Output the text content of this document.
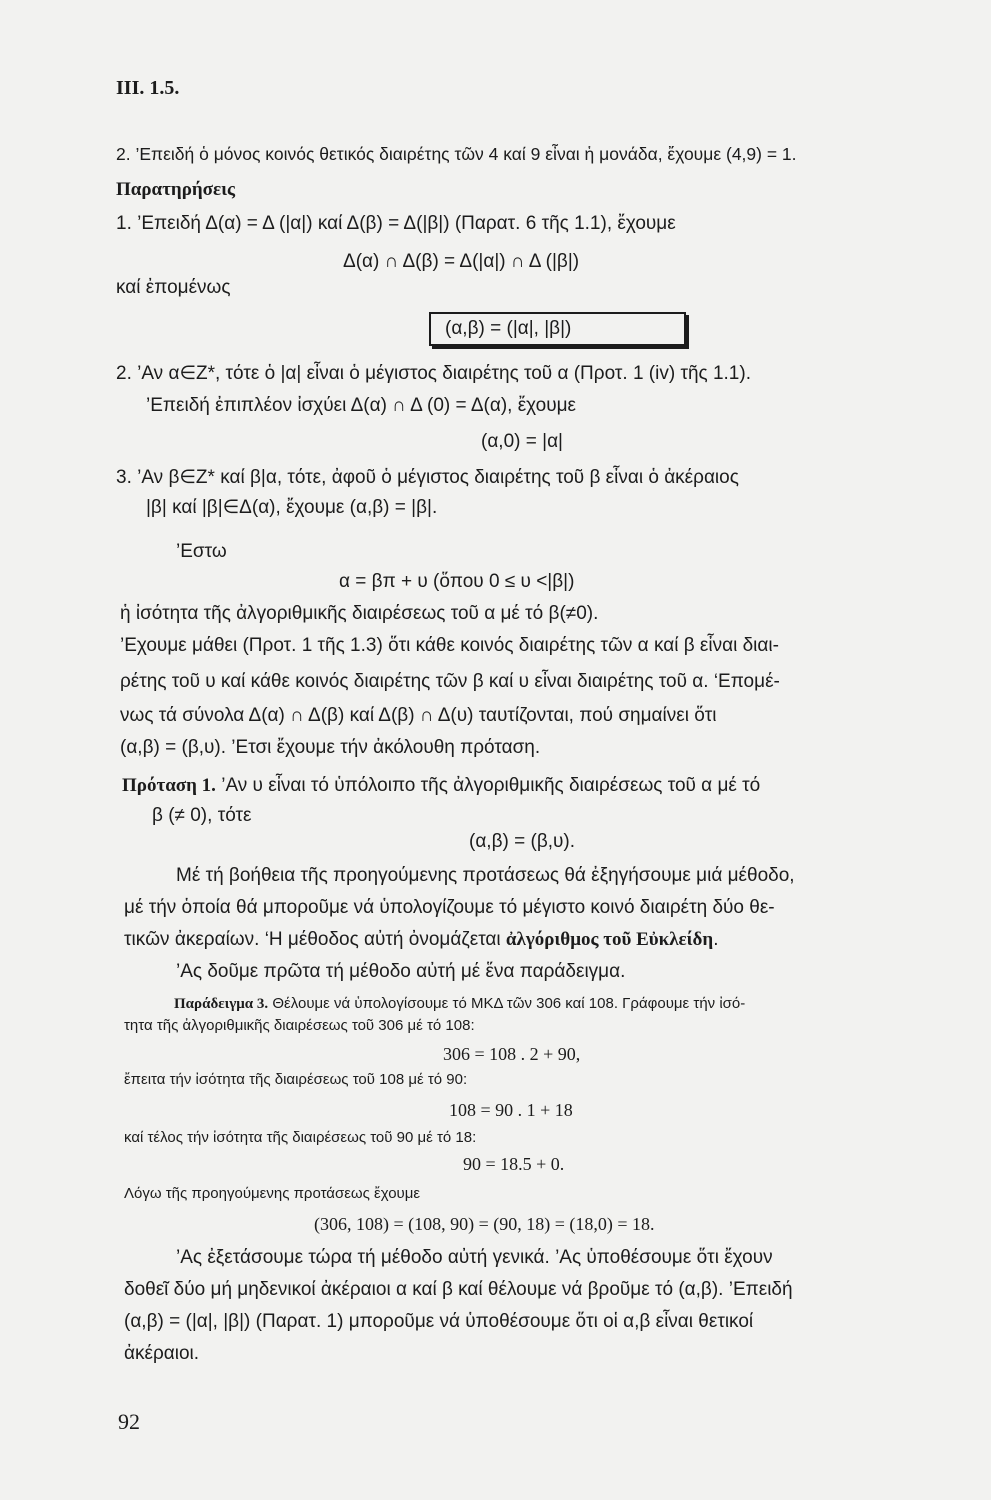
III. 1.5.
2. ’Επειδή ὁ μόνος κοινός θετικός διαιρέτης τῶν 4 καί 9 εἶναι ἡ μονάδα, ἔχουμε (4,9) = 1.
Παρατηρήσεις
1. ’Επειδή Δ(α) = Δ (|α|) καί Δ(β) = Δ(|β|) (Παρατ. 6 τῆς 1.1), ἔχουμε
Δ(α) ∩ Δ(β) = Δ(|α|) ∩ Δ (|β|)
καί ἐπομένως
(α,β) = (|α|, |β|)
2. ’Αν α∈Z*, τότε ὁ |α| εἶναι ὁ μέγιστος διαιρέτης τοῦ α (Προτ. 1 (iv) τῆς 1.1).
’Επειδή ἐπιπλέον ἰσχύει Δ(α) ∩ Δ (0) = Δ(α), ἔχουμε
(α,0) = |α|
3. ’Αν β∈Z* καί β|α, τότε, ἀφοῦ ὁ μέγιστος διαιρέτης τοῦ β εἶναι ὁ ἀκέραιος
|β| καί |β|∈Δ(α), ἔχουμε (α,β) = |β|.
’Εστω
α = βπ + υ (ὅπου 0 ≤ υ <|β|)
ἡ ἰσότητα τῆς ἀλγοριθμικῆς διαιρέσεως τοῦ α μέ τό β(≠0).
’Εχουμε μάθει (Προτ. 1 τῆς 1.3) ὅτι κάθε κοινός διαιρέτης τῶν α καί β εἶναι διαι-
ρέτης τοῦ υ καί κάθε κοινός διαιρέτης τῶν β καί υ εἶναι διαιρέτης τοῦ α. ‘Επομέ-
νως τά σύνολα Δ(α) ∩ Δ(β) καί Δ(β) ∩ Δ(υ) ταυτίζονται, πού σημαίνει ὅτι
(α,β) = (β,υ). ’Ετσι ἔχουμε τήν ἀκόλουθη πρόταση.
Πρόταση 1. ’Αν υ εἶναι τό ὑπόλοιπο τῆς ἀλγοριθμικῆς διαιρέσεως τοῦ α μέ τό
β (≠ 0), τότε
(α,β) = (β,υ).
Μέ τή βοήθεια τῆς προηγούμενης προτάσεως θά ἐξηγήσουμε μιά μέθοδο,
μέ τήν ὁποία θά μποροῦμε νά ὑπολογίζουμε τό μέγιστο κοινό διαιρέτη δύο θε-
τικῶν ἀκεραίων. ‘Η μέθοδος αὐτή ὀνομάζεται ἀλγόριθμος τοῦ Εὐκλείδη.
’Ας δοῦμε πρῶτα τή μέθοδο αὐτή μέ ἕνα παράδειγμα.
Παράδειγμα 3. Θέλουμε νά ὑπολογίσουμε τό ΜΚΔ τῶν 306 καί 108. Γράφουμε τήν ἰσό-
τητα τῆς ἀλγοριθμικῆς διαιρέσεως τοῦ 306 μέ τό 108:
306 = 108 . 2 + 90,
ἔπειτα τήν ἰσότητα τῆς διαιρέσεως τοῦ 108 μέ τό 90:
108 = 90 . 1 + 18
καί τέλος τήν ἰσότητα τῆς διαιρέσεως τοῦ 90 μέ τό 18:
90 = 18.5 + 0.
Λόγω τῆς προηγούμενης προτάσεως ἔχουμε
(306, 108) = (108, 90) = (90, 18) = (18,0) = 18.
’Ας ἐξετάσουμε τώρα τή μέθοδο αὐτή γενικά. ’Ας ὑποθέσουμε ὅτι ἔχουν
δοθεῖ δύο μή μηδενικοί ἀκέραιοι α καί β καί θέλουμε νά βροῦμε τό (α,β). ’Επειδή
(α,β) = (|α|, |β|) (Παρατ. 1) μποροῦμε νά ὑποθέσουμε ὅτι οἱ α,β εἶναι θετικοί
ἀκέραιοι.
92
